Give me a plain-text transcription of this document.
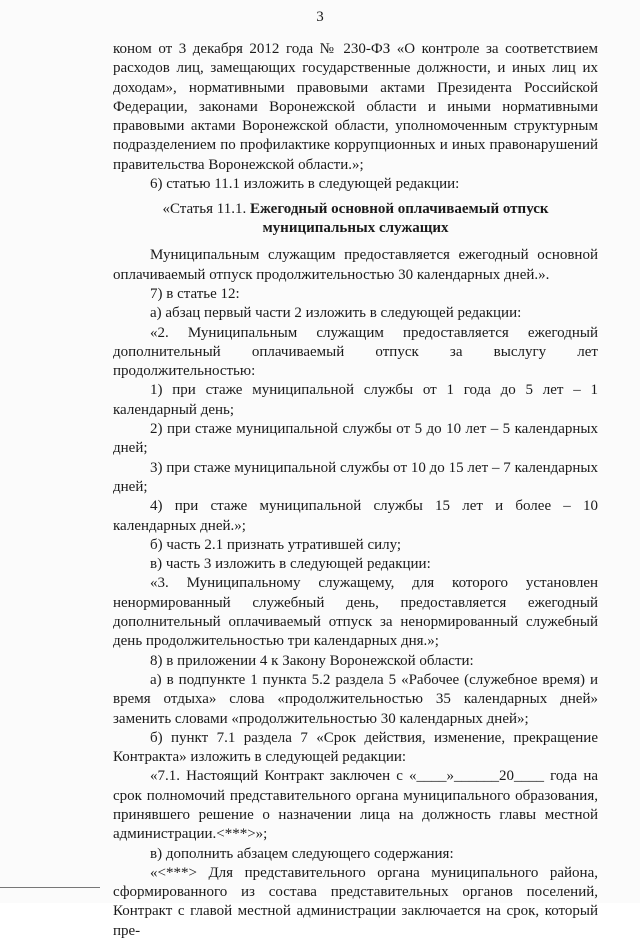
3

коном от 3 декабря 2012 года № 230-ФЗ «О контроле за соответствием расходов лиц, замещающих государственные должности, и иных лиц их доходам», нормативными правовыми актами Президента Российской Федерации, законами Воронежской области и иными нормативными правовыми актами Воронежской области, уполномоченным структурным подразделением по профилактике коррупционных и иных правонарушений правительства Воронежской области.»;

6) статью 11.1 изложить в следующей редакции:

«Статья 11.1. Ежегодный основной оплачиваемый отпуск муниципальных служащих

Муниципальным служащим предоставляется ежегодный основной оплачиваемый отпуск продолжительностью 30 календарных дней.».

7) в статье 12:

а) абзац первый части 2 изложить в следующей редакции:

«2. Муниципальным служащим предоставляется ежегодный дополнительный оплачиваемый отпуск за выслугу лет продолжительностью:

1) при стаже муниципальной службы от 1 года до 5 лет – 1 календарный день;

2) при стаже муниципальной службы от 5 до 10 лет – 5 календарных дней;

3) при стаже муниципальной службы от 10 до 15 лет – 7 календарных дней;

4) при стаже муниципальной службы 15 лет и более – 10 календарных дней.»;

б) часть 2.1 признать утратившей силу;

в) часть 3 изложить в следующей редакции:

«3. Муниципальному служащему, для которого установлен ненормированный служебный день, предоставляется ежегодный дополнительный оплачиваемый отпуск за ненормированный служебный день продолжительностью три календарных дня.»;

8) в приложении 4 к Закону Воронежской области:

а) в подпункте 1 пункта 5.2 раздела 5 «Рабочее (служебное время) и время отдыха» слова «продолжительностью 35 календарных дней» заменить словами «продолжительностью 30 календарных дней»;

б) пункт 7.1 раздела 7 «Срок действия, изменение, прекращение Контракта» изложить в следующей редакции:

«7.1. Настоящий Контракт заключен с «____»______20____ года на срок полномочий представительного органа муниципального образования, принявшего решение о назначении лица на должность главы местной администрации.<***>»;

в) дополнить абзацем следующего содержания:

«<***> Для представительного органа муниципального района, сформированного из состава представительных органов поселений, Контракт с главой местной администрации заключается на срок, который пре-
